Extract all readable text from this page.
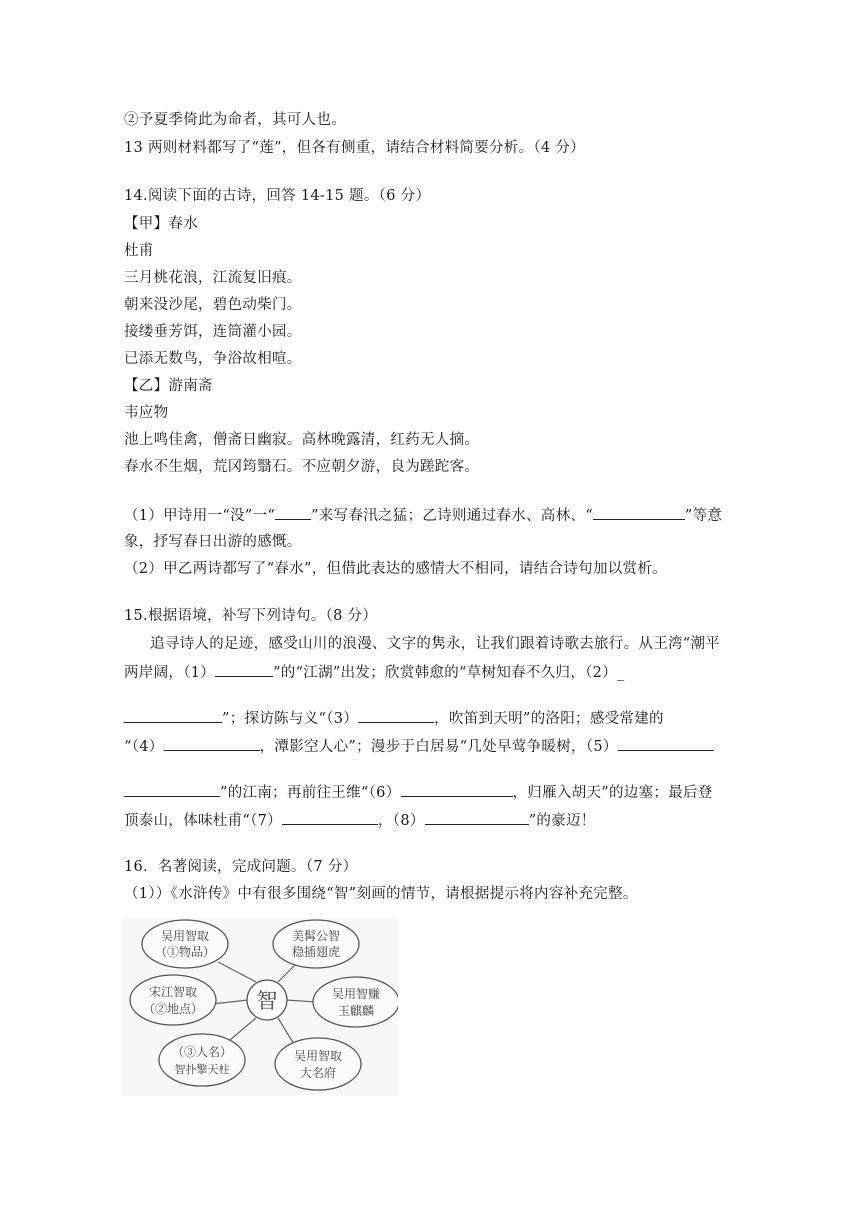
②予夏季倚此为命者，其可人也。
13 两则材料都写了“莲”，但各有侧重，请结合材料简要分析。（4 分）
14.阅读下面的古诗，回答 14-15 题。（6 分）
【甲】春水
杜甫
三月桃花浪，江流复旧痕。
朝来没沙尾，碧色动柴门。
接缕垂芳饵，连筒灌小园。
已添无数鸟，争浴故相喧。
【乙】游南斋
韦应物
池上鸣佳禽，僧斋日幽寂。高林晚露清，红药无人摘。
春水不生烟，荒冈筠翳石。不应朝夕游，良为蹉跎客。
（1）甲诗用一“没”一“ ”来写春汛之猛；乙诗则通过春水、高林、“	”等意
象，抒写春日出游的感慨。
（2）甲乙两诗都写了“春水”，但借此表达的感情大不相同，请结合诗句加以赏析。
15.根据语境，补写下列诗句。（8 分）
追寻诗人的足迹，感受山川的浪漫、文字的隽永，让我们跟着诗歌去旅行。从王湾“潮平
两岸阔，（1）	”的“江湖”出发；欣赏韩愈的“草树知春不久归，（2）_
”；探访陈与义“（3）	，吹笛到天明”的洛阳；感受常建的
“（4）	，潭影空人心”；漫步于白居易“几处早莺争暖树，（5）
”的江南；再前往王维“（6）	，归雁入胡天”的边塞；最后登
顶泰山，体味杜甫“（7）	，（8）	”的豪迈！
16．名著阅读，完成问题。（7 分）
（1））《水浒传》中有很多围绕“智”刻画的情节，请根据提示将内容补充完整。
智
吴用智取
（①物品）
美髯公智
稳插翅虎
宋江智取
（②地点）
吴用智赚
玉麒麟
（③人名）
智扑擎天柱
吴用智取
大名府
